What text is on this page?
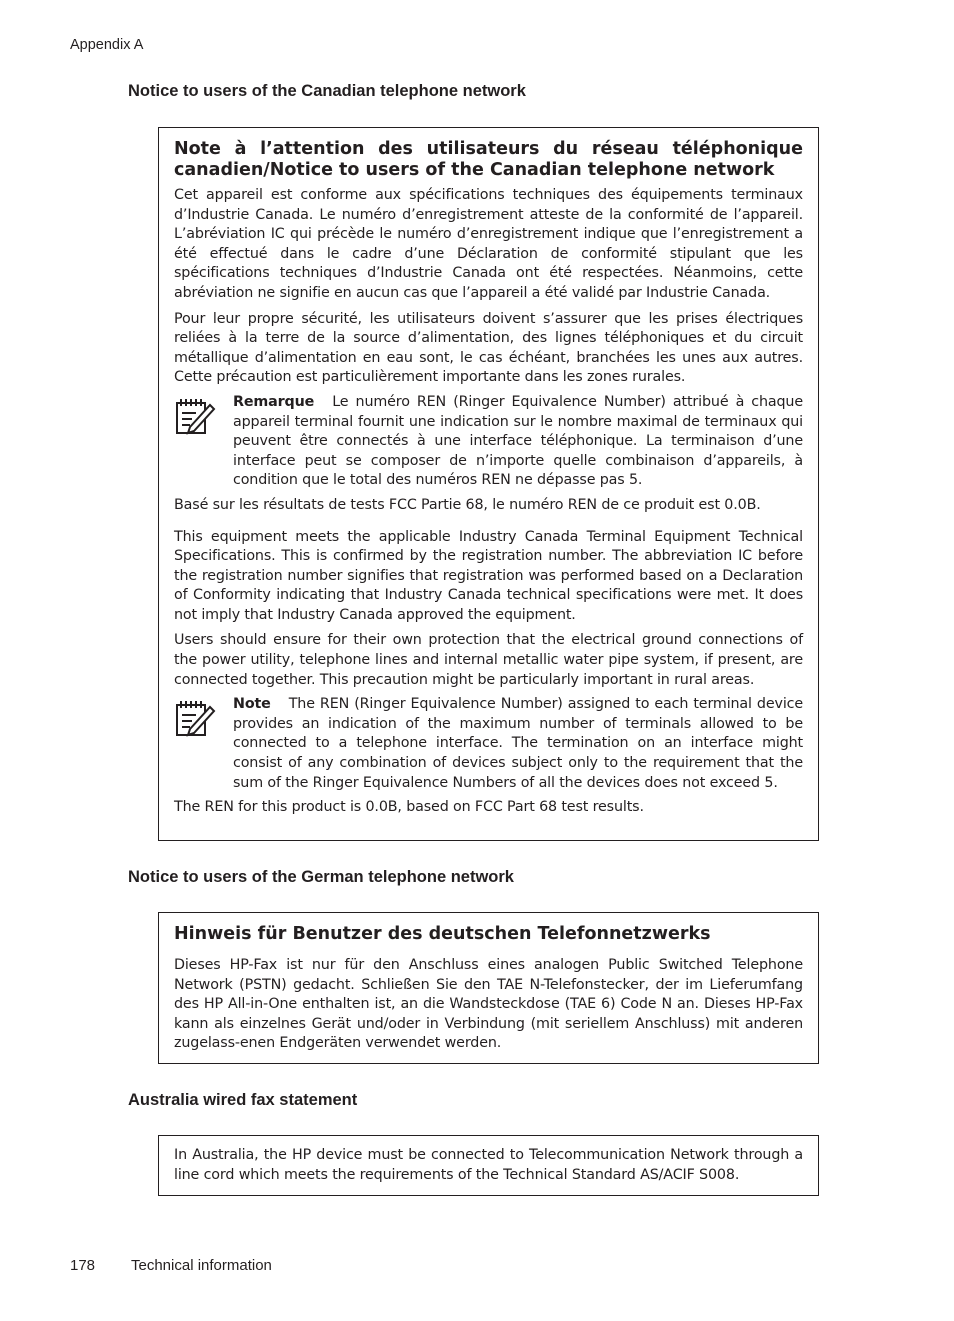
Appendix A
Notice to users of the Canadian telephone network

Note à l’attention des utilisateurs du réseau téléphonique canadien/Notice to users of the Canadian telephone network

Cet appareil est conforme aux spécifications techniques des équipements terminaux d’Industrie Canada. Le numéro d’enregistrement atteste de la conformité de l’appareil. L’abréviation IC qui précède le numéro d’enregistrement indique que l’enregistrement a été effectué dans le cadre d’une Déclaration de conformité stipulant que les spécifications techniques d’Industrie Canada ont été respectées. Néanmoins, cette abréviation ne signifie en aucun cas que l’appareil a été validé par Industrie Canada.

Pour leur propre sécurité, les utilisateurs doivent s’assurer que les prises électriques reliées à la terre de la source d’alimentation, des lignes téléphoniques et du circuit métallique d’alimentation en eau sont, le cas échéant, branchées les unes aux autres. Cette précaution est particulièrement importante dans les zones rurales.

Remarque Le numéro REN (Ringer Equivalence Number) attribué à chaque appareil terminal fournit une indication sur le nombre maximal de terminaux qui peuvent être connectés à une interface téléphonique. La terminaison d’une interface peut se composer de n’importe quelle combinaison d’appareils, à condition que le total des numéros REN ne dépasse pas 5.

Basé sur les résultats de tests FCC Partie 68, le numéro REN de ce produit est 0.0B.

This equipment meets the applicable Industry Canada Terminal Equipment Technical Specifications. This is confirmed by the registration number. The abbreviation IC before the registration number signifies that registration was performed based on a Declaration of Conformity indicating that Industry Canada technical specifications were met. It does not imply that Industry Canada approved the equipment.

Users should ensure for their own protection that the electrical ground connections of the power utility, telephone lines and internal metallic water pipe system, if present, are connected together. This precaution might be particularly important in rural areas.

Note The REN (Ringer Equivalence Number) assigned to each terminal device provides an indication of the maximum number of terminals allowed to be connected to a telephone interface. The termination on an interface might consist of any combination of devices subject only to the requirement that the sum of the Ringer Equivalence Numbers of all the devices does not exceed 5.

The REN for this product is 0.0B, based on FCC Part 68 test results.

Notice to users of the German telephone network

Hinweis für Benutzer des deutschen Telefonnetzwerks

Dieses HP-Fax ist nur für den Anschluss eines analogen Public Switched Telephone Network (PSTN) gedacht. Schließen Sie den TAE N-Telefonstecker, der im Lieferumfang des HP All-in-One enthalten ist, an die Wandsteckdose (TAE 6) Code N an. Dieses HP-Fax kann als einzelnes Gerät und/oder in Verbindung (mit seriellem Anschluss) mit anderen zugelass-enen Endgeräten verwendet werden.

Australia wired fax statement

In Australia, the HP device must be connected to Telecommunication Network through a line cord which meets the requirements of the Technical Standard AS/ACIF S008.

178 Technical information
